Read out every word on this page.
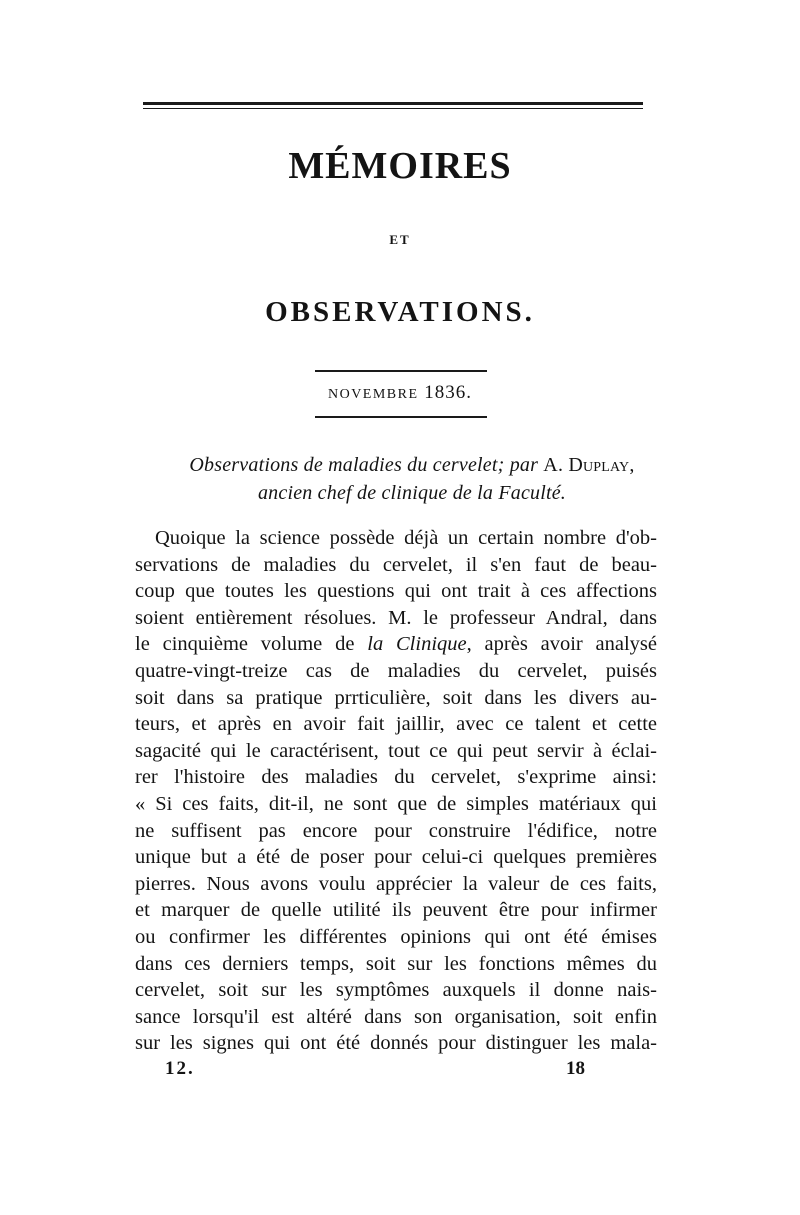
MÉMOIRES
ET
OBSERVATIONS.
NOVEMBRE 1836.
Observations de maladies du cervelet; par A. Duplay,
ancien chef de clinique de la Faculté.
Quoique la science possède déjà un certain nombre d'ob-
servations de maladies du cervelet, il s'en faut de beau-
coup que toutes les questions qui ont trait à ces affections
soient entièrement résolues. M. le professeur Andral, dans
le cinquième volume de la Clinique, après avoir analysé
quatre-vingt-treize cas de maladies du cervelet, puisés
soit dans sa pratique prrticulière, soit dans les divers au-
teurs, et après en avoir fait jaillir, avec ce talent et cette
sagacité qui le caractérisent, tout ce qui peut servir à éclai-
rer l'histoire des maladies du cervelet, s'exprime ainsi:
« Si ces faits, dit-il, ne sont que de simples matériaux qui
ne suffisent pas encore pour construire l'édifice, notre
unique but a été de poser pour celui-ci quelques premières
pierres. Nous avons voulu apprécier la valeur de ces faits,
et marquer de quelle utilité ils peuvent être pour infirmer
ou confirmer les différentes opinions qui ont été émises
dans ces derniers temps, soit sur les fonctions mêmes du
cervelet, soit sur les symptômes auxquels il donne nais-
sance lorsqu'il est altéré dans son organisation, soit enfin
sur les signes qui ont été donnés pour distinguer les mala-
12.	18
